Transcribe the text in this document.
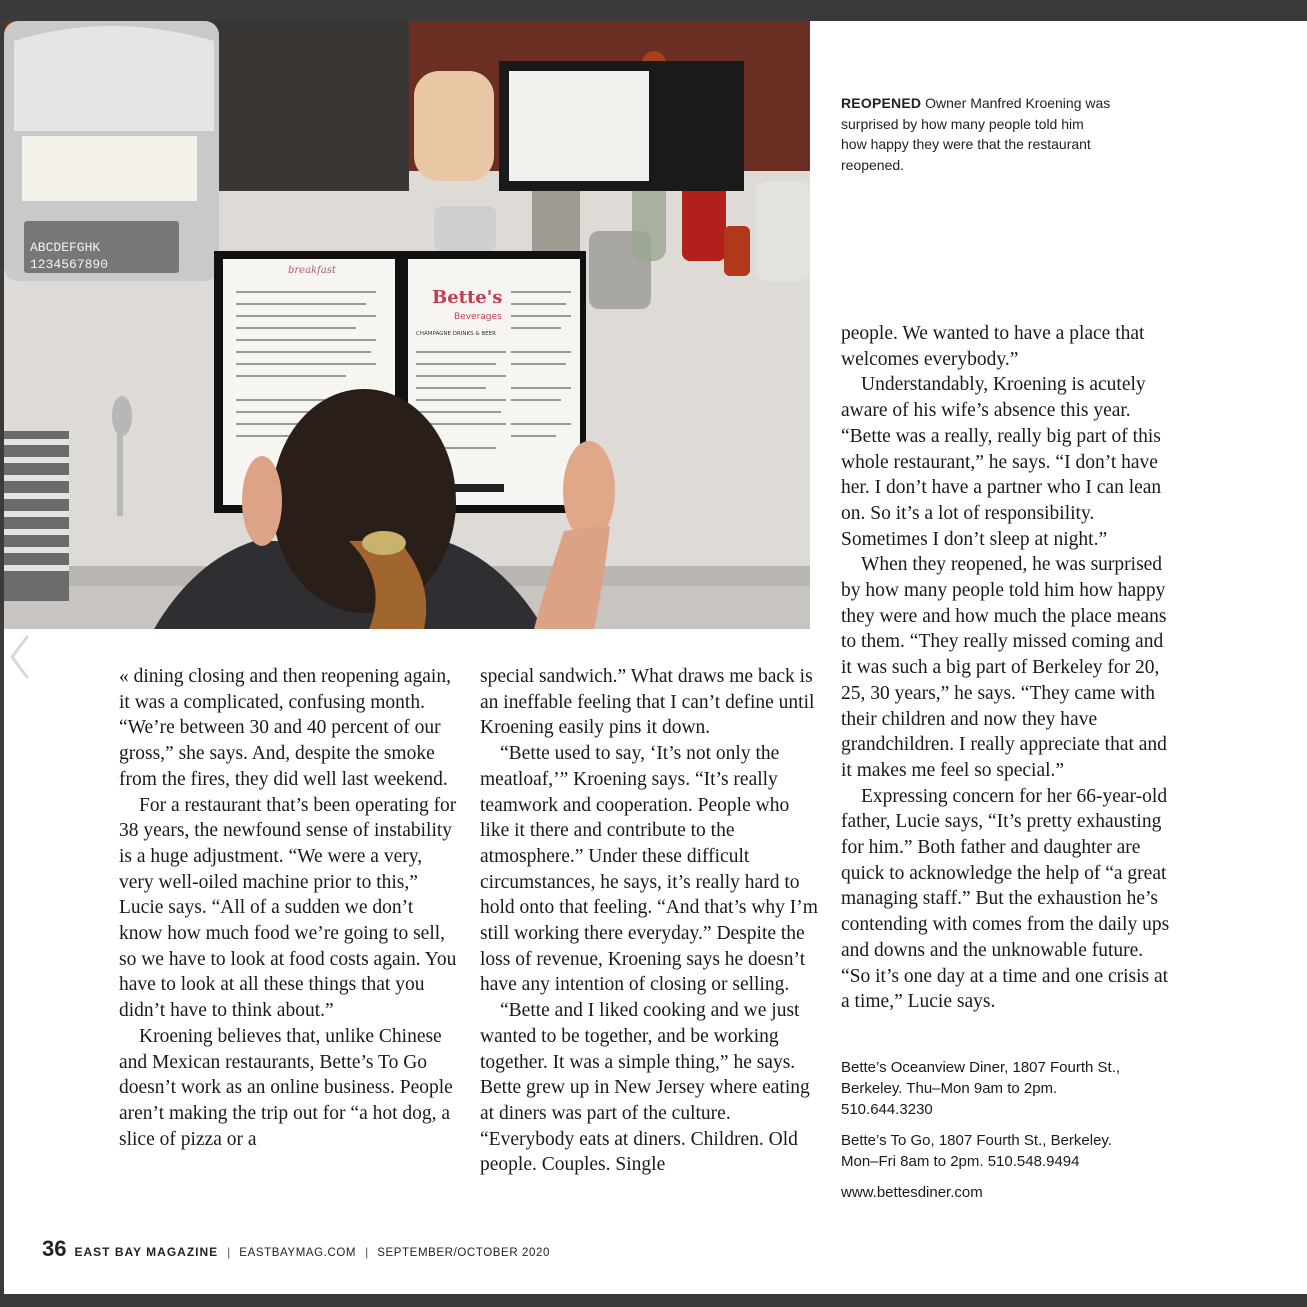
ABCDEFGHK
1234567890	breakfast
Bette's
Beverages
CHAMPAGNE DRINKS & BEER
REOPENED Owner Manfred Kroening was surprised by how many people told him how happy they were that the restaurant reopened.

« dining closing and then reopening again, it was a complicated, confusing month. “We’re between 30 and 40 percent of our gross,” she says. And, despite the smoke from the fires, they did well last weekend.

For a restaurant that’s been operating for 38 years, the newfound sense of instability is a huge adjustment. “We were a very, very well-oiled machine prior to this,” Lucie says. “All of a sudden we don’t know how much food we’re going to sell, so we have to look at food costs again. You have to look at all these things that you didn’t have to think about.”

Kroening believes that, unlike Chinese and Mexican restaurants, Bette’s To Go doesn’t work as an online business. People aren’t making the trip out for “a hot dog, a slice of pizza or a

special sandwich.” What draws me back is an ineffable feeling that I can’t define until Kroening easily pins it down.

“Bette used to say, ‘It’s not only the meatloaf,’” Kroening says. “It’s really teamwork and cooperation. People who like it there and contribute to the atmosphere.” Under these difficult circumstances, he says, it’s really hard to hold onto that feeling. “And that’s why I’m still working there everyday.” Despite the loss of revenue, Kroening says he doesn’t have any intention of closing or selling.

“Bette and I liked cooking and we just wanted to be together, and be working together. It was a simple thing,” he says. Bette grew up in New Jersey where eating at diners was part of the culture. “Everybody eats at diners. Children. Old people. Couples. Single

people. We wanted to have a place that welcomes everybody.”

Understandably, Kroening is acutely aware of his wife’s absence this year. “Bette was a really, really big part of this whole restaurant,” he says. “I don’t have her. I don’t have a partner who I can lean on. So it’s a lot of responsibility. Sometimes I don’t sleep at night.”

When they reopened, he was surprised by how many people told him how happy they were and how much the place means to them. “They really missed coming and it was such a big part of Berkeley for 20, 25, 30 years,” he says. “They came with their children and now they have grandchildren. I really appreciate that and it makes me feel so special.”

Expressing concern for her 66-year-old father, Lucie says, “It’s pretty exhausting for him.” Both father and daughter are quick to acknowledge the help of “a great managing staff.” But the exhaustion he’s contending with comes from the daily ups and downs and the unknowable future. “So it’s one day at a time and one crisis at a time,” Lucie says.

Bette’s Oceanview Diner, 1807 Fourth St., Berkeley. Thu–Mon 9am to 2pm. 510.644.3230
Bette’s To Go, 1807 Fourth St., Berkeley. Mon–Fri 8am to 2pm. 510.548.9494
www.bettesdiner.com
36 EAST BAY MAGAZINE | EASTBAYMAG.COM | SEPTEMBER/OCTOBER 2020
